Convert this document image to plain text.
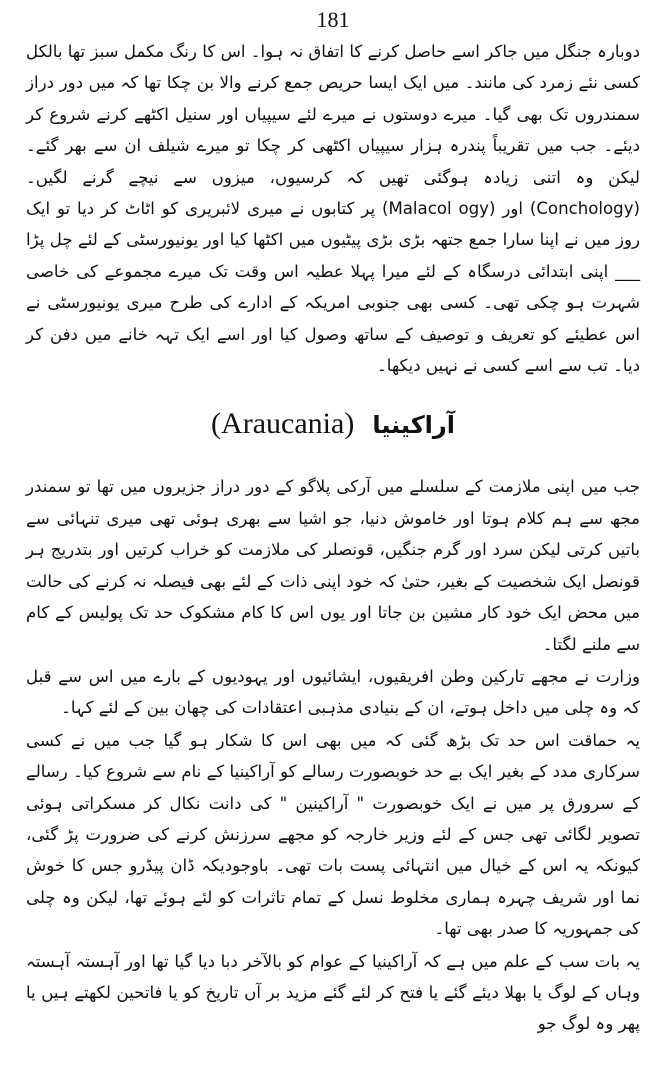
181

دوبارہ جنگل میں جاکر اسے حاصل کرنے کا اتفاق نہ ہوا۔ اس کا رنگ مکمل سبز تھا بالکل کسی نئے زمرد کی مانند۔ میں ایک ایسا حریص جمع کرنے والا بن چکا تھا کہ میں دور دراز سمندروں تک بھی گیا۔ میرے دوستوں نے میرے لئے سیپیاں اور سنیل اکٹھے کرنے شروع کر دیئے۔ جب میں تقریباً پندرہ ہزار سیپیاں اکٹھی کر چکا تو میرے شیلف ان سے بھر گئے۔ لیکن وہ اتنی زیادہ ہوگئی تھیں کہ کرسیوں، میزوں سے نیچے گرنے لگیں۔ (Conchology) اور (Malacol ogy) پر کتابوں نے میری لائبریری کو اٹاٹ کر دیا تو ایک روز میں نے اپنا سارا جمع جتھہ بڑی بڑی پیٹیوں میں اکٹھا کیا اور یونیورسٹی کے لئے چل پڑا ___ اپنی ابتدائی درسگاہ کے لئے میرا پہلا عطیہ اس وقت تک میرے مجموعے کی خاصی شہرت ہو چکی تھی۔ کسی بھی جنوبی امریکہ کے ادارے کی طرح میری یونیورسٹی نے اس عطیئے کو تعریف و توصیف کے ساتھ وصول کیا اور اسے ایک تہہ خانے میں دفن کر دیا۔ تب سے اسے کسی نے نہیں دیکھا۔

آراکینیا
(Araucania)

جب میں اپنی ملازمت کے سلسلے میں آرکی پلاگو کے دور دراز جزیروں میں تھا تو سمندر مجھ سے ہم کلام ہوتا اور خاموش دنیا، جو اشیا سے بھری ہوئی تھی میری تنہائی سے باتیں کرتی لیکن سرد اور گرم جنگیں، قونصلر کی ملازمت کو خراب کرتیں اور بتدریج ہر قونصل ایک شخصیت کے بغیر، حتیٰ کہ خود اپنی ذات کے لئے بھی فیصلہ نہ کرنے کی حالت میں محض ایک خود کار مشین بن جاتا اور یوں اس کا کام مشکوک حد تک پولیس کے کام سے ملنے لگتا۔

وزارت نے مجھے تارکین وطن افریقیوں، ایشائیوں اور یہودیوں کے بارے میں اس سے قبل کہ وہ چلی میں داخل ہوتے، ان کے بنیادی مذہبی اعتقادات کی چھان بین کے لئے کہا۔

یہ حماقت اس حد تک بڑھ گئی کہ میں بھی اس کا شکار ہو گیا جب میں نے کسی سرکاری مدد کے بغیر ایک بے حد خوبصورت رسالے کو آراکینیا کے نام سے شروع کیا۔ رسالے کے سرورق پر میں نے ایک خوبصورت " آراکینین " کی دانت نکال کر مسکراتی ہوئی تصویر لگائی تھی جس کے لئے وزیر خارجہ کو مجھے سرزنش کرنے کی ضرورت پڑ گئی، کیونکہ یہ اس کے خیال میں انتہائی پست بات تھی۔ باوجودیکہ ڈان پیڈرو جس کا خوش نما اور شریف چہرہ ہماری مخلوط نسل کے تمام تاثرات کو لئے ہوئے تھا، لیکن وہ چلی کی جمہوریہ کا صدر بھی تھا۔

یہ بات سب کے علم میں ہے کہ آراکینیا کے عوام کو بالآخر دبا دیا گیا تھا اور آہستہ آہستہ وہاں کے لوگ یا بھلا دیئے گئے یا فتح کر لئے گئے مزید بر آں تاریخ کو یا فاتحین لکھتے ہیں یا پھر وہ لوگ جو
